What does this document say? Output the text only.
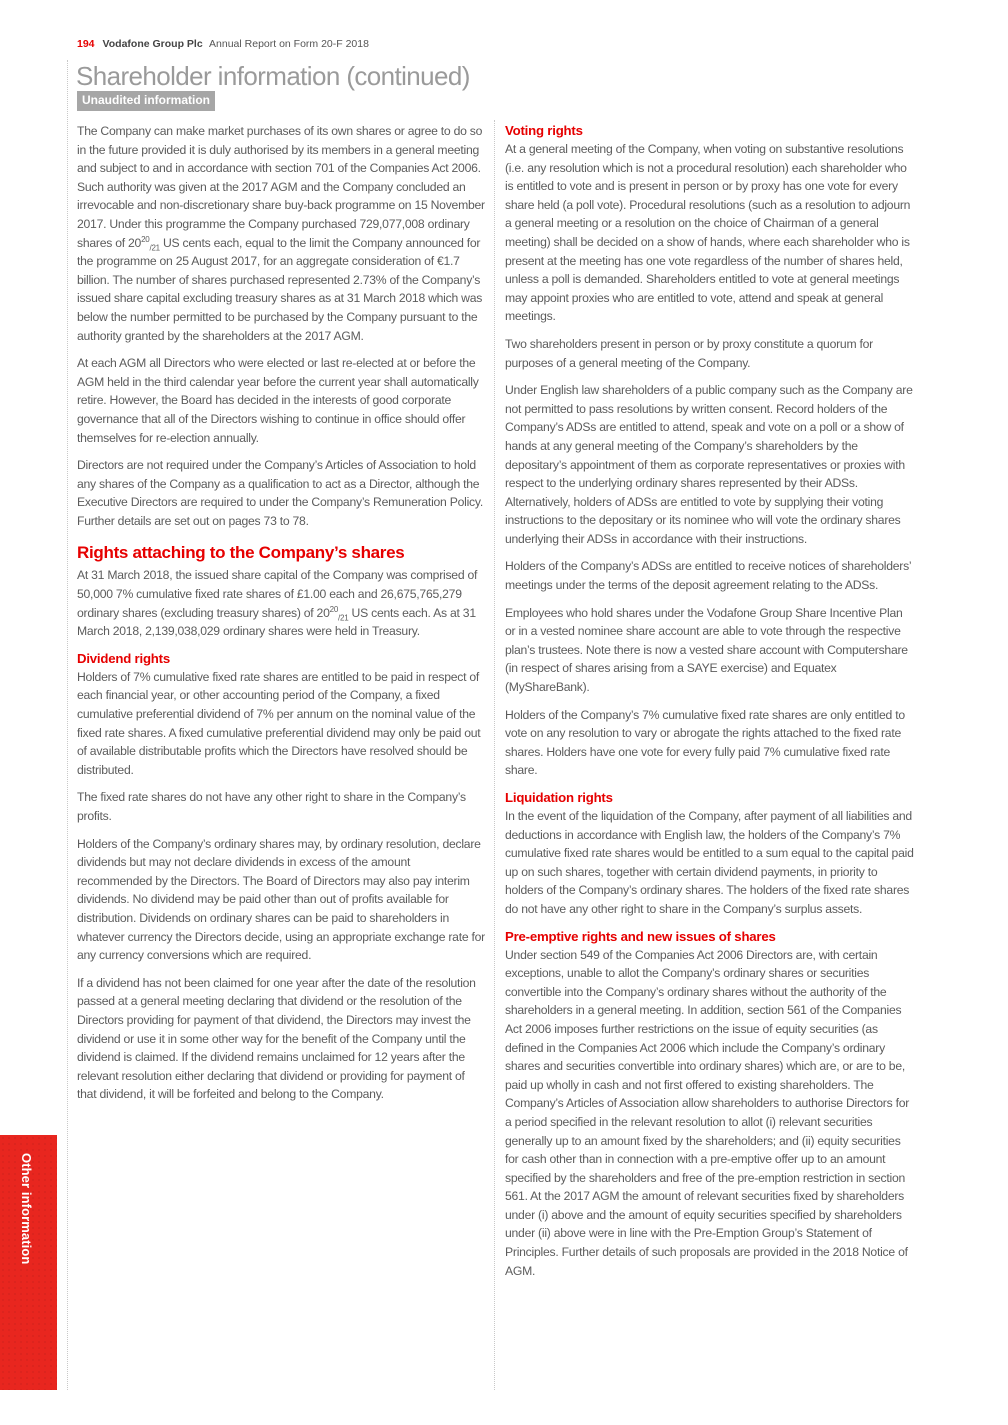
194 Vodafone Group Plc Annual Report on Form 20-F 2018
Shareholder information (continued)
Unaudited information

The Company can make market purchases of its own shares or agree to do so in the future provided it is duly authorised by its members in a general meeting and subject to and in accordance with section 701 of the Companies Act 2006. Such authority was given at the 2017 AGM and the Company concluded an irrevocable and non-discretionary share buy-back programme on 15 November 2017. Under this programme the Company purchased 729,077,008 ordinary shares of $20^{20}_{/21}$ US cents each, equal to the limit the Company announced for the programme on 25 August 2017, for an aggregate consideration of €1.7 billion. The number of shares purchased represented 2.73% of the Company’s issued share capital excluding treasury shares as at 31 March 2018 which was below the number permitted to be purchased by the Company pursuant to the authority granted by the shareholders at the 2017 AGM.

At each AGM all Directors who were elected or last re-elected at or before the AGM held in the third calendar year before the current year shall automatically retire. However, the Board has decided in the interests of good corporate governance that all of the Directors wishing to continue in office should offer themselves for re-election annually.

Directors are not required under the Company’s Articles of Association to hold any shares of the Company as a qualification to act as a Director, although the Executive Directors are required to under the Company’s Remuneration Policy. Further details are set out on pages 73 to 78.

Rights attaching to the Company’s shares

At 31 March 2018, the issued share capital of the Company was comprised of 50,000 7% cumulative fixed rate shares of £1.00 each and 26,675,765,279 ordinary shares (excluding treasury shares) of $20^{20}_{/21}$ US cents each. As at 31 March 2018, 2,139,038,029 ordinary shares were held in Treasury.

Dividend rights

Holders of 7% cumulative fixed rate shares are entitled to be paid in respect of each financial year, or other accounting period of the Company, a fixed cumulative preferential dividend of 7% per annum on the nominal value of the fixed rate shares. A fixed cumulative preferential dividend may only be paid out of available distributable profits which the Directors have resolved should be distributed.

The fixed rate shares do not have any other right to share in the Company’s profits.

Holders of the Company’s ordinary shares may, by ordinary resolution, declare dividends but may not declare dividends in excess of the amount recommended by the Directors. The Board of Directors may also pay interim dividends. No dividend may be paid other than out of profits available for distribution. Dividends on ordinary shares can be paid to shareholders in whatever currency the Directors decide, using an appropriate exchange rate for any currency conversions which are required.

If a dividend has not been claimed for one year after the date of the resolution passed at a general meeting declaring that dividend or the resolution of the Directors providing for payment of that dividend, the Directors may invest the dividend or use it in some other way for the benefit of the Company until the dividend is claimed. If the dividend remains unclaimed for 12 years after the relevant resolution either declaring that dividend or providing for payment of that dividend, it will be forfeited and belong to the Company.

Voting rights

At a general meeting of the Company, when voting on substantive resolutions (i.e. any resolution which is not a procedural resolution) each shareholder who is entitled to vote and is present in person or by proxy has one vote for every share held (a poll vote). Procedural resolutions (such as a resolution to adjourn a general meeting or a resolution on the choice of Chairman of a general meeting) shall be decided on a show of hands, where each shareholder who is present at the meeting has one vote regardless of the number of shares held, unless a poll is demanded. Shareholders entitled to vote at general meetings may appoint proxies who are entitled to vote, attend and speak at general meetings.

Two shareholders present in person or by proxy constitute a quorum for purposes of a general meeting of the Company.

Under English law shareholders of a public company such as the Company are not permitted to pass resolutions by written consent. Record holders of the Company’s ADSs are entitled to attend, speak and vote on a poll or a show of hands at any general meeting of the Company’s shareholders by the depositary’s appointment of them as corporate representatives or proxies with respect to the underlying ordinary shares represented by their ADSs. Alternatively, holders of ADSs are entitled to vote by supplying their voting instructions to the depositary or its nominee who will vote the ordinary shares underlying their ADSs in accordance with their instructions.

Holders of the Company’s ADSs are entitled to receive notices of shareholders’ meetings under the terms of the deposit agreement relating to the ADSs.

Employees who hold shares under the Vodafone Group Share Incentive Plan or in a vested nominee share account are able to vote through the respective plan’s trustees. Note there is now a vested share account with Computershare (in respect of shares arising from a SAYE exercise) and Equatex (MyShareBank).

Holders of the Company’s 7% cumulative fixed rate shares are only entitled to vote on any resolution to vary or abrogate the rights attached to the fixed rate shares. Holders have one vote for every fully paid 7% cumulative fixed rate share.

Liquidation rights

In the event of the liquidation of the Company, after payment of all liabilities and deductions in accordance with English law, the holders of the Company’s 7% cumulative fixed rate shares would be entitled to a sum equal to the capital paid up on such shares, together with certain dividend payments, in priority to holders of the Company’s ordinary shares. The holders of the fixed rate shares do not have any other right to share in the Company’s surplus assets.

Pre-emptive rights and new issues of shares

Under section 549 of the Companies Act 2006 Directors are, with certain exceptions, unable to allot the Company’s ordinary shares or securities convertible into the Company’s ordinary shares without the authority of the shareholders in a general meeting. In addition, section 561 of the Companies Act 2006 imposes further restrictions on the issue of equity securities (as defined in the Companies Act 2006 which include the Company’s ordinary shares and securities convertible into ordinary shares) which are, or are to be, paid up wholly in cash and not first offered to existing shareholders. The Company’s Articles of Association allow shareholders to authorise Directors for a period specified in the relevant resolution to allot (i) relevant securities generally up to an amount fixed by the shareholders; and (ii) equity securities for cash other than in connection with a pre-emptive offer up to an amount specified by the shareholders and free of the pre-emption restriction in section 561. At the 2017 AGM the amount of relevant securities fixed by shareholders under (i) above and the amount of equity securities specified by shareholders under (ii) above were in line with the Pre-Emption Group’s Statement of Principles. Further details of such proposals are provided in the 2018 Notice of AGM.

Other information
